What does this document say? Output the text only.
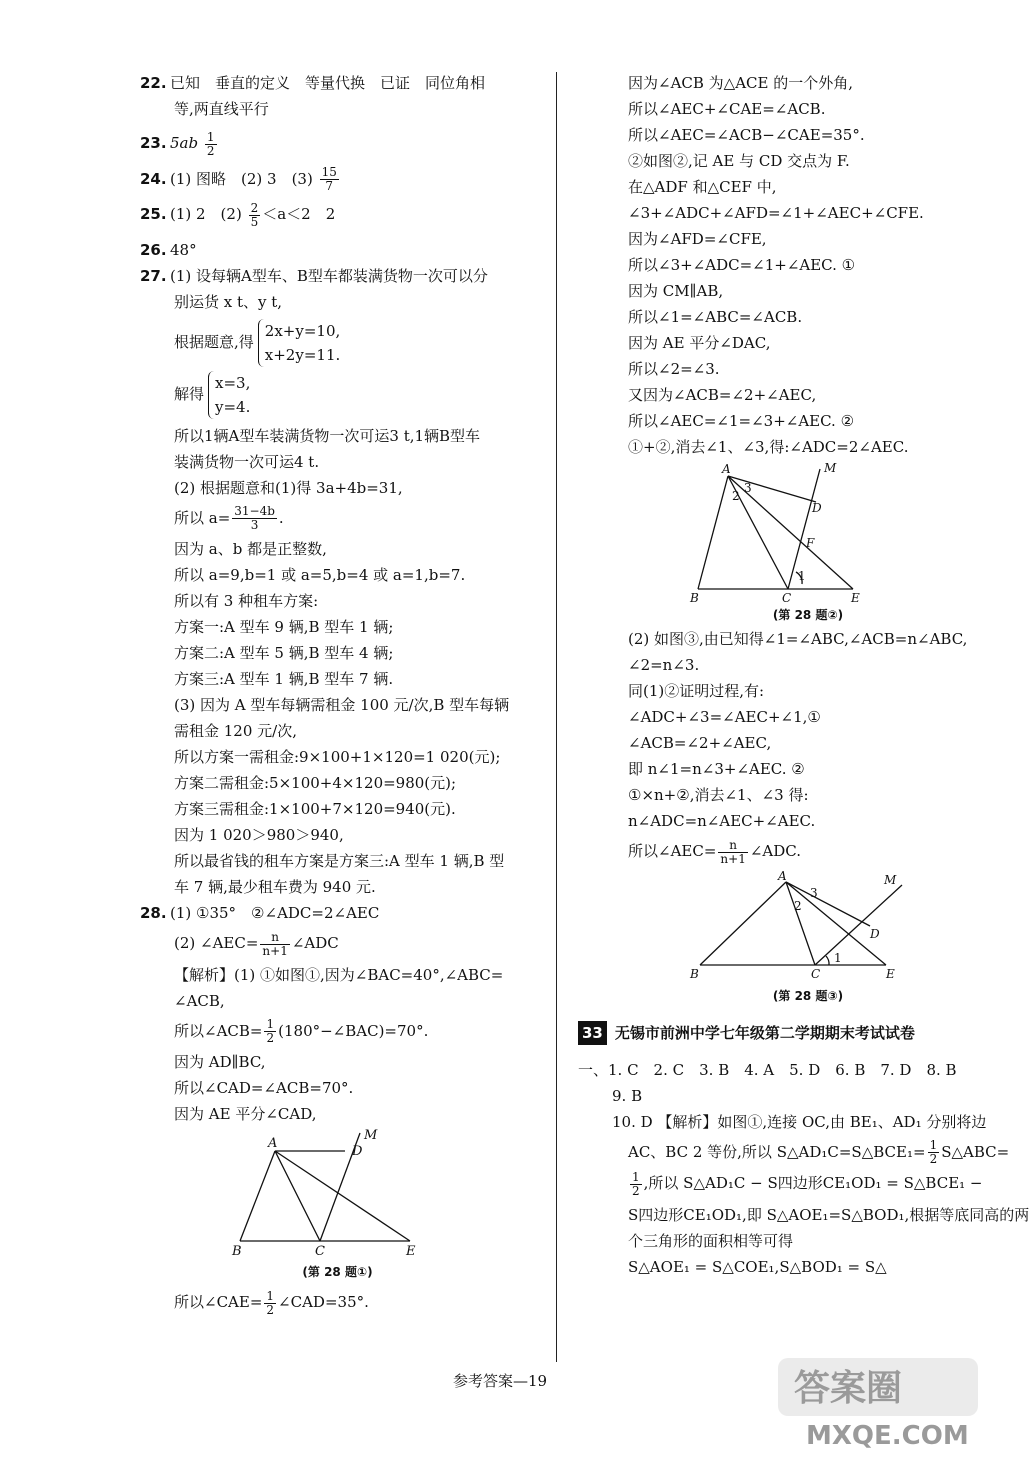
22. 已知　垂直的定义　等量代换　已证　同位角相
等,两直线平行
23. $5ab \frac{1}{2}$
24. (1) 图略　(2) 3　$(3) \frac{15}{7}$
25. (1) 2　$(2) \frac{2}{5} <a<2$　2
26. 48°
27. (1) 设每辆A型车、B型车都装满货物一次可以分
别运货 x t、y t,
根据题意,得
2x+y=10,
x+2y=11.
解得
x=3,
y=4.
所以1辆A型车装满货物一次可运3 t,1辆B型车
装满货物一次可运4 t.
(2) 根据题意和(1)得 3a+4b=31,
所以 $a= \frac{31-4b}{3}$ .
因为 a、b 都是正整数,
所以 a=9,b=1 或 a=5,b=4 或 a=1,b=7.
所以有 3 种租车方案:
方案一:A 型车 9 辆,B 型车 1 辆;
方案二:A 型车 5 辆,B 型车 4 辆;
方案三:A 型车 1 辆,B 型车 7 辆.
(3) 因为 A 型车每辆需租金 100 元/次,B 型车每辆
需租金 120 元/次,
所以方案一需租金:9×100+1×120=1 020(元);
方案二需租金:5×100+4×120=980(元);
方案三需租金:1×100+7×120=940(元).
因为 1 020＞980＞940,
所以最省钱的租车方案是方案三:A 型车 1 辆,B 型
车 7 辆,最少租车费为 940 元.
28. (1) ①35°　②∠ADC=2∠AEC
(2) ∠AEC= $\frac{n}{n+1}$ ∠ADC
【解析】(1) ①如图①,因为∠BAC=40°,∠ABC=
∠ACB,
所以∠ACB= $\frac{1}{2}$ (180°−∠BAC)=70°.
因为 AD∥BC,
所以∠CAD=∠ACB=70°.
因为 AE 平分∠CAD,
A
B	C
D
E
M
(第 28 题①)
所以∠CAE= $\frac{1}{2}$ ∠CAD=35°.
因为∠ACB 为△ACE 的一个外角,
所以∠AEC+∠CAE=∠ACB.
所以∠AEC=∠ACB−∠CAE=35°.
②如图②,记 AE 与 CD 交点为 F.
在△ADF 和△CEF 中,
∠3+∠ADC+∠AFD=∠1+∠AEC+∠CFE.
因为∠AFD=∠CFE,
所以∠3+∠ADC=∠1+∠AEC. ①
因为 CM∥AB,
所以∠1=∠ABC=∠ACB.
因为 AE 平分∠DAC,
所以∠2=∠3.
又因为∠ACB=∠2+∠AEC,
所以∠AEC=∠1=∠3+∠AEC. ②
①+②,消去∠1、∠3,得:∠ADC=2∠AEC.
A
B	C
D
E
F
M
1
2
3
(第 28 题②)
(2) 如图③,由已知得∠1=∠ABC,∠ACB=n∠ABC,
∠2=n∠3.
同(1)②证明过程,有:
∠ADC+∠3=∠AEC+∠1,①
∠ACB=∠2+∠AEC,
即 n∠1=n∠3+∠AEC. ②
①×n+②,消去∠1、∠3 得:
n∠ADC=n∠AEC+∠AEC.
所以∠AEC= $\frac{n}{n+1}$ ∠ADC.
A
B	C
D
E
M
1
2
3
(第 28 题③)
33 无锡市前洲中学七年级第二学期期末考试试卷
一、1. C　2. C　3. B　4. A　5. D　6. B　7. D　8. B
9. B
10. D 【解析】如图①,连接 OC,由 BE₁、AD₁ 分别将边
AC、BC 2 等份,所以 S△AD₁C=S△BCE₁= $\frac{1}{2}$ S△ABC=
$\frac{1}{2}$ ,所以 S△AD₁C − S四边形CE₁OD₁ = S△BCE₁ −
S四边形CE₁OD₁,即 S△AOE₁=S△BOD₁,根据等底同高的两
个三角形的面积相等可得
S△AOE₁ = S△COE₁,S△BOD₁ = S△
参考答案—19	答案圈
MXQE.COM
